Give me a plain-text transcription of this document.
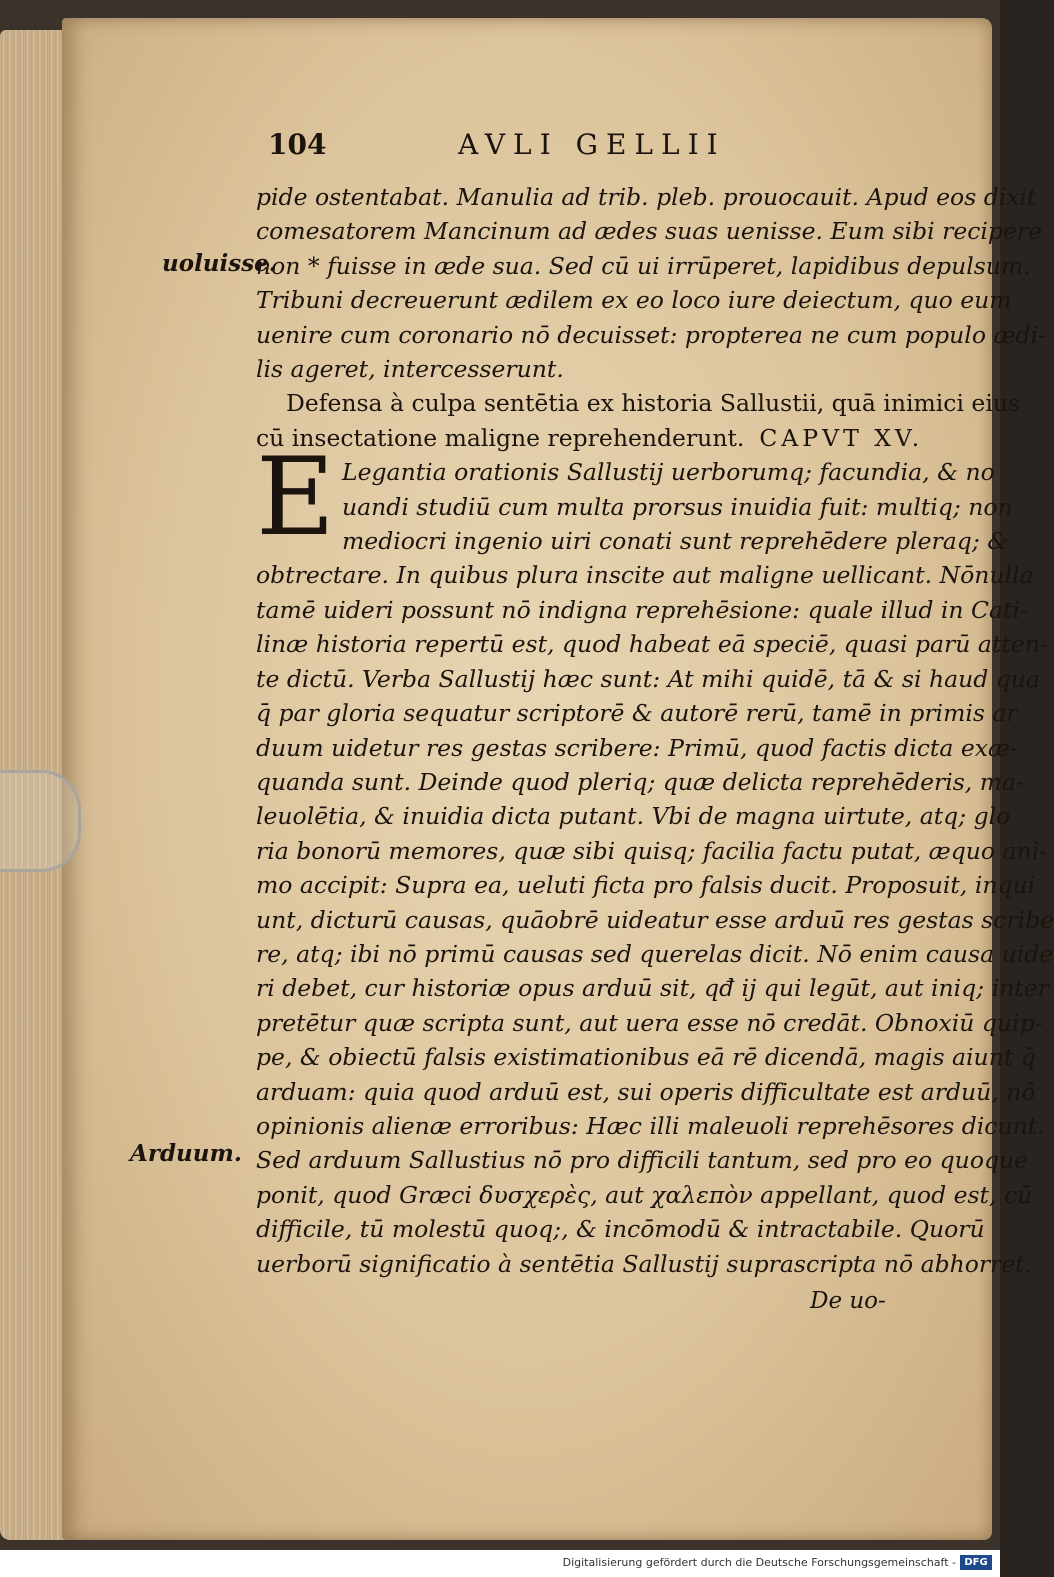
104	AVLI GELLII
uoluisse.
Arduum.
pide ostentabat. Manulia ad trib. pleb. prouocauit. Apud eos dixit
comesatorem Mancinum ad ædes suas uenisse. Eum sibi recipere
non * fuisse in æde sua. Sed cū ui irrūperet, lapidibus depulsum.
Tribuni decreuerunt ædilem ex eo loco iure deiectum, quo eum
uenire cum coronario nō decuisset: propterea ne cum populo ædi-
lis ageret, intercesserunt.
Defensa à culpa sentētia ex historia Sallustii, quā inimici eius
cū insectatione maligne reprehenderunt. CAPVT XV.
E Legantia orationis Sallustij uerborumq; facundia, & no
uandi studiū cum multa prorsus inuidia fuit: multiq; non
mediocri ingenio uiri conati sunt reprehēdere pleraq; &
obtrectare. In quibus plura inscite aut maligne uellicant. Nōnulla
tamē uideri possunt nō indigna reprehēsione: quale illud in Cati-
linæ historia repertū est, quod habeat eā speciē, quasi parū atten-
te dictū. Verba Sallustij hæc sunt: At mihi quidē, tā & si haud qua
q̄ par gloria sequatur scriptorē & autorē rerū, tamē in primis ar
duum uidetur res gestas scribere: Primū, quod factis dicta exæ-
quanda sunt. Deinde quod pleriq; quæ delicta reprehēderis, ma-
leuolētia, & inuidia dicta putant. Vbi de magna uirtute, atq; glo
ria bonorū memores, quæ sibi quisq; facilia factu putat, æquo ani-
mo accipit: Supra ea, ueluti ficta pro falsis ducit. Proposuit, inqui
unt, dicturū causas, quāobrē uideatur esse arduū res gestas scribe
re, atq; ibi nō primū causas sed querelas dicit. Nō enim causa uide
ri debet, cur historiæ opus arduū sit, qđ ij qui legūt, aut iniq; inter
pretētur quæ scripta sunt, aut uera esse nō credāt. Obnoxiū quip-
pe, & obiectū falsis existimationibus eā rē dicendā, magis aiunt q̄
arduam: quia quod arduū est, sui operis difficultate est arduū, nō
opinionis alienæ erroribus: Hæc illi maleuoli reprehēsores dicunt.
Sed arduum Sallustius nō pro difficili tantum, sed pro eo quoque
ponit, quod Græci δυσχερὲς, aut χαλεπὸν appellant, quod est, cū
difficile, tū molestū quoq;, & incōmodū & intractabile. Quorū
uerborū significatio à sentētia Sallustij suprascripta nō abhorret.
De uo-
Digitalisierung gefördert durch die Deutsche Forschungsgemeinschaft - DFG
